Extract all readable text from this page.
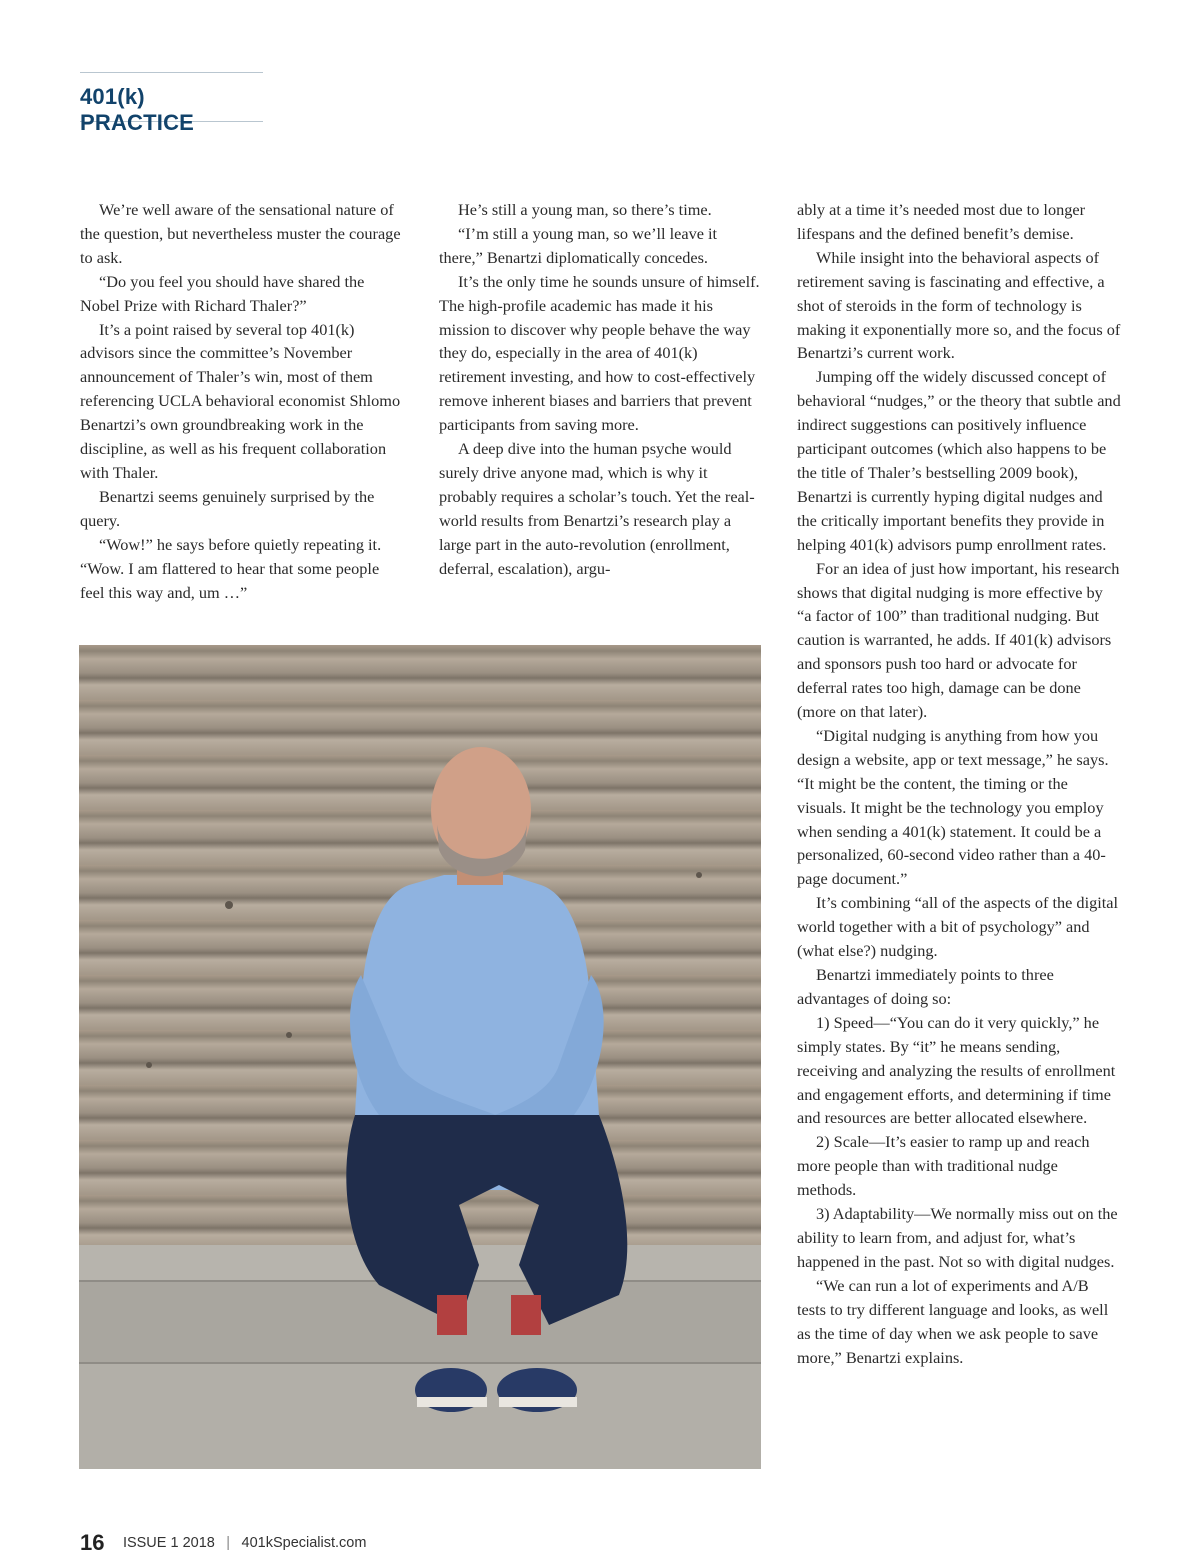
401(k) PRACTICE

We’re well aware of the sensational nature of the question, but nevertheless muster the courage to ask.

“Do you feel you should have shared the Nobel Prize with Richard Thaler?”

It’s a point raised by several top 401(k) advisors since the committee’s November announcement of Thaler’s win, most of them referencing UCLA behavioral economist Shlomo Benartzi’s own groundbreaking work in the discipline, as well as his frequent collaboration with Thaler.

Benartzi seems genuinely surprised by the query.

“Wow!” he says before quietly repeating it. “Wow. I am flattered to hear that some people feel this way and, um …”

He’s still a young man, so there’s time.

“I’m still a young man, so we’ll leave it there,” Benartzi diplomatically concedes.

It’s the only time he sounds unsure of himself. The high-profile academic has made it his mission to discover why people behave the way they do, especially in the area of 401(k) retirement investing, and how to cost-effectively remove inherent biases and barriers that prevent participants from saving more.

A deep dive into the human psyche would surely drive anyone mad, which is why it probably requires a scholar’s touch. Yet the real-world results from Benartzi’s research play a large part in the auto-revolution (enrollment, deferral, escalation), argu-

ably at a time it’s needed most due to longer lifespans and the defined benefit’s demise.

While insight into the behavioral aspects of retirement saving is fascinating and effective, a shot of steroids in the form of technology is making it exponentially more so, and the focus of Benartzi’s current work.

Jumping off the widely discussed concept of behavioral “nudges,” or the theory that subtle and indirect suggestions can positively influence participant outcomes (which also happens to be the title of Thaler’s bestselling 2009 book), Benartzi is currently hyping digital nudges and the critically important benefits they provide in helping 401(k) advisors pump enrollment rates.

For an idea of just how important, his research shows that digital nudging is more effective by “a factor of 100” than traditional nudging. But caution is warranted, he adds. If 401(k) advisors and sponsors push too hard or advocate for deferral rates too high, damage can be done (more on that later).

“Digital nudging is anything from how you design a website, app or text message,” he says. “It might be the content, the timing or the visuals. It might be the technology you employ when sending a 401(k) statement. It could be a personalized, 60-second video rather than a 40-page document.”

It’s combining “all of the aspects of the digital world together with a bit of psychology” and (what else?) nudging.

Benartzi immediately points to three advantages of doing so:

1) Speed—“You can do it very quickly,” he simply states. By “it” he means sending, receiving and analyzing the results of enrollment and engagement efforts, and determining if time and resources are better allocated elsewhere.

2) Scale—It’s easier to ramp up and reach more people than with traditional nudge methods.

3) Adaptability—We normally miss out on the ability to learn from, and adjust for, what’s happened in the past. Not so with digital nudges.

“We can run a lot of experiments and A/B tests to try different language and looks, as well as the time of day when we ask people to save more,” Benartzi explains.

16 ISSUE 1 2018 | 401kSpecialist.com
